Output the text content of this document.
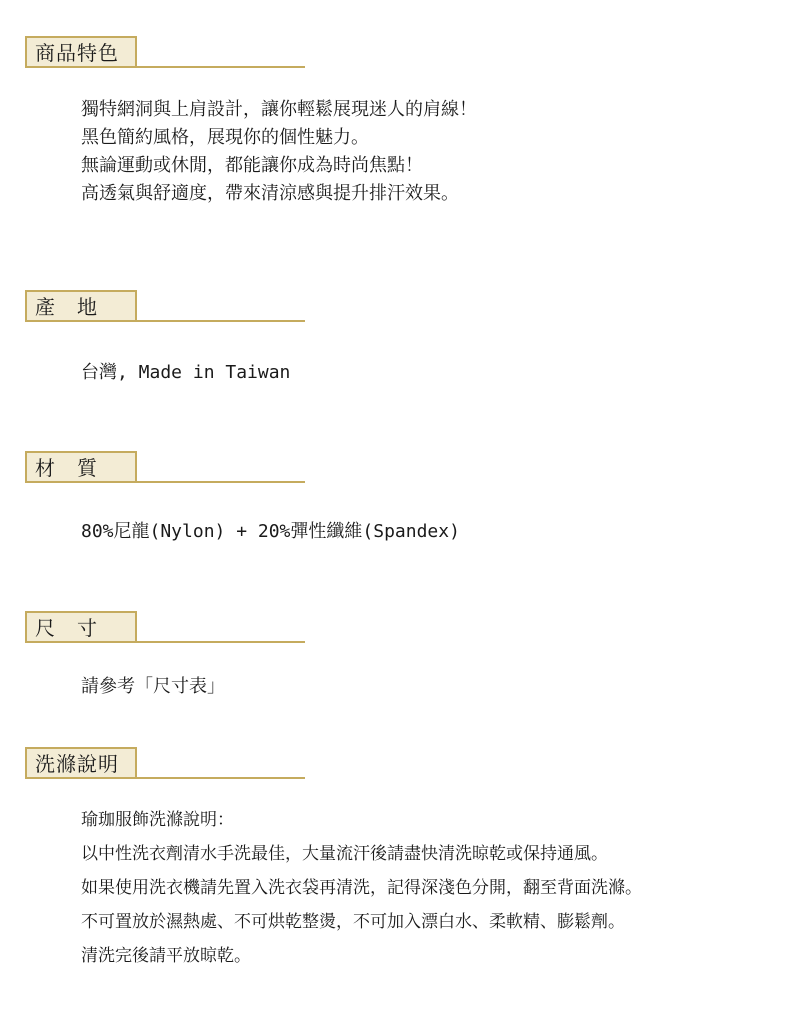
商品特色
獨特網洞與上肩設計，讓你輕鬆展現迷人的肩線！
黑色簡約風格，展現你的個性魅力。
無論運動或休閒，都能讓你成為時尚焦點！
高透氣與舒適度，帶來清涼感與提升排汗效果。
產　地
台灣, Made in Taiwan
材　質
80%尼龍(Nylon) + 20%彈性纖維(Spandex)
尺　寸
請參考「尺寸表」
洗滌說明
瑜珈服飾洗滌說明：
以中性洗衣劑清水手洗最佳，大量流汗後請盡快清洗晾乾或保持通風。
如果使用洗衣機請先置入洗衣袋再清洗，記得深淺色分開，翻至背面洗滌。
不可置放於濕熱處、不可烘乾整燙，不可加入漂白水、柔軟精、膨鬆劑。
清洗完後請平放晾乾。
